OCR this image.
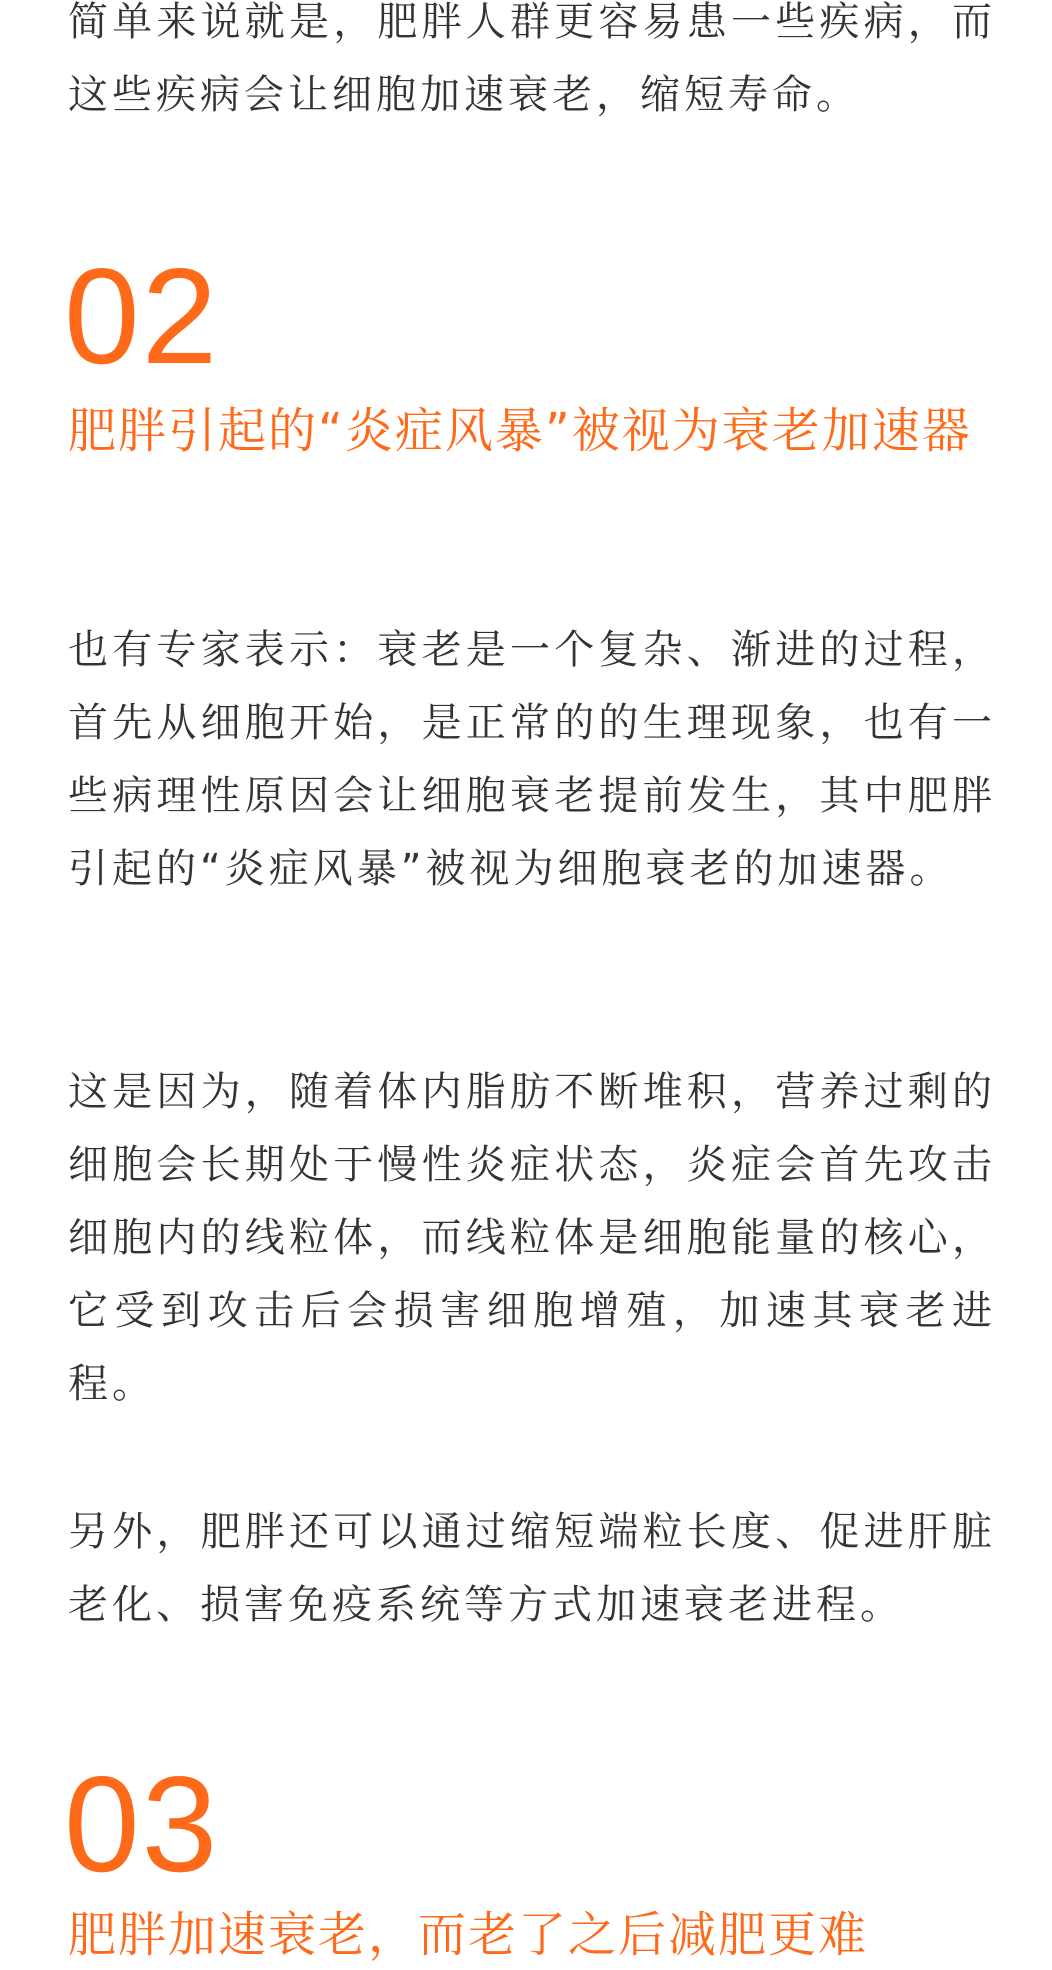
简单来说就是，肥胖人群更容易患一些疾病，而这些疾病会让细胞加速衰老，缩短寿命。

02
肥胖引起的“炎症风暴”被视为衰老加速器

也有专家表示：衰老是一个复杂、渐进的过程，首先从细胞开始，是正常的的生理现象，也有一些病理性原因会让细胞衰老提前发生，其中肥胖引起的“炎症风暴”被视为细胞衰老的加速器。

这是因为，随着体内脂肪不断堆积，营养过剩的细胞会长期处于慢性炎症状态，炎症会首先攻击细胞内的线粒体，而线粒体是细胞能量的核心，它受到攻击后会损害细胞增殖，加速其衰老进程。

另外，肥胖还可以通过缩短端粒长度、促进肝脏老化、损害免疫系统等方式加速衰老进程。

03
肥胖加速衰老，而老了之后减肥更难
